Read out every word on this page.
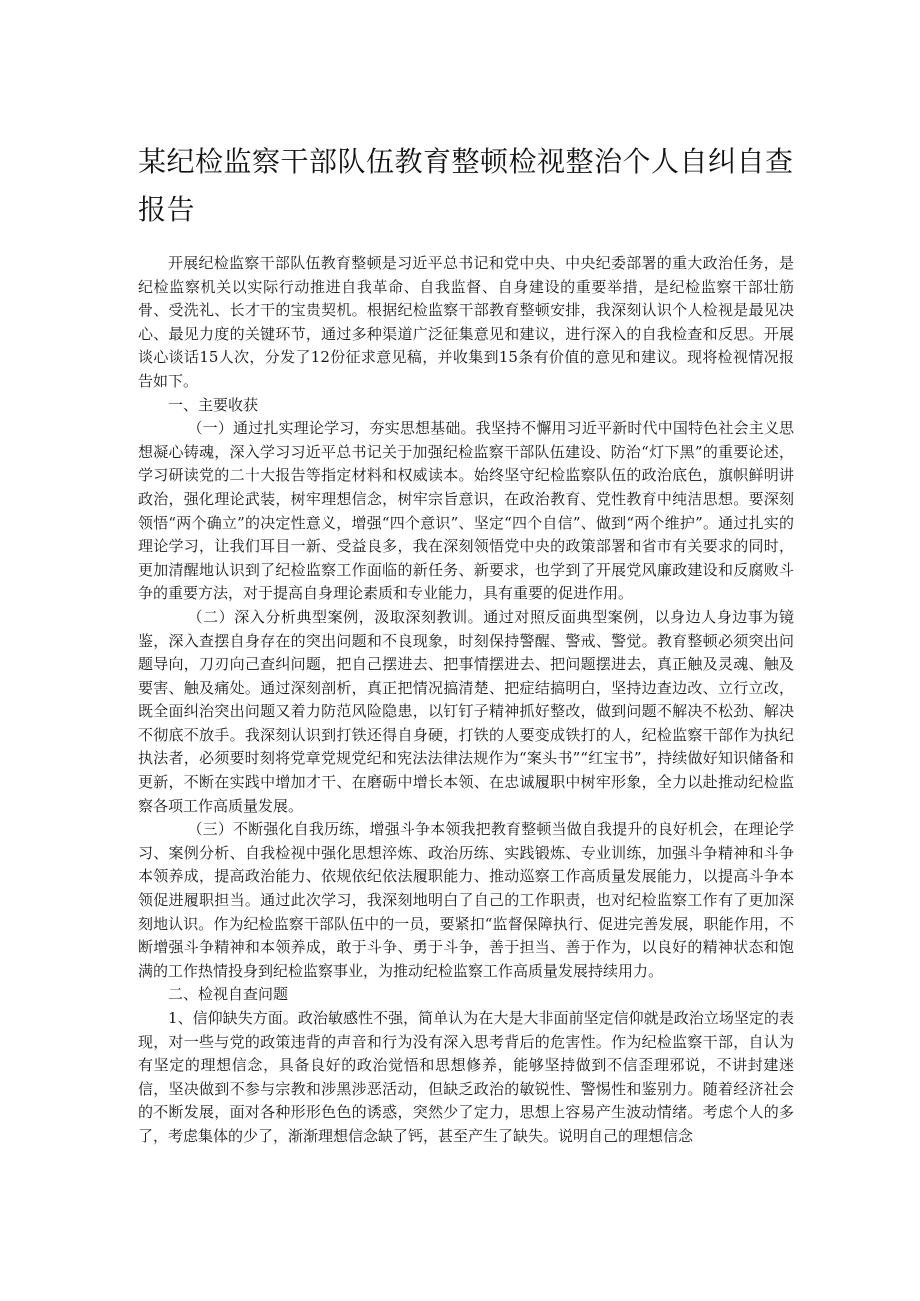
某纪检监察干部队伍教育整顿检视整治个人自纠自查报告

开展纪检监察干部队伍教育整顿是习近平总书记和党中央、中央纪委部署的重大政治任务，是纪检监察机关以实际行动推进自我革命、自我监督、自身建设的重要举措，是纪检监察干部壮筋骨、受洗礼、长才干的宝贵契机。根据纪检监察干部教育整顿安排，我深刻认识个人检视是最见决心、最见力度的关键环节，通过多种渠道广泛征集意见和建议，进行深入的自我检查和反思。开展谈心谈话15人次，分发了12份征求意见稿，并收集到15条有价值的意见和建议。现将检视情况报告如下。

一、主要收获

（一）通过扎实理论学习，夯实思想基础。我坚持不懈用习近平新时代中国特色社会主义思想凝心铸魂，深入学习习近平总书记关于加强纪检监察干部队伍建设、防治“灯下黑”的重要论述，学习研读党的二十大报告等指定材料和权威读本。始终坚守纪检监察队伍的政治底色，旗帜鲜明讲政治，强化理论武装，树牢理想信念，树牢宗旨意识，在政治教育、党性教育中纯洁思想。要深刻领悟“两个确立”的决定性意义，增强“四个意识”、坚定“四个自信”、做到“两个维护”。通过扎实的理论学习，让我们耳目一新、受益良多，我在深刻领悟党中央的政策部署和省市有关要求的同时，更加清醒地认识到了纪检监察工作面临的新任务、新要求，也学到了开展党风廉政建设和反腐败斗争的重要方法，对于提高自身理论素质和专业能力，具有重要的促进作用。

（二）深入分析典型案例，汲取深刻教训。通过对照反面典型案例，以身边人身边事为镜鉴，深入查摆自身存在的突出问题和不良现象，时刻保持警醒、警戒、警觉。教育整顿必须突出问题导向，刀刃向己查纠问题，把自己摆进去、把事情摆进去、把问题摆进去，真正触及灵魂、触及要害、触及痛处。通过深刻剖析，真正把情况搞清楚、把症结搞明白，坚持边查边改、立行立改，既全面纠治突出问题又着力防范风险隐患，以钉钉子精神抓好整改，做到问题不解决不松劲、解决不彻底不放手。我深刻认识到打铁还得自身硬，打铁的人要变成铁打的人，纪检监察干部作为执纪执法者，必须要时刻将党章党规党纪和宪法法律法规作为“案头书”“红宝书”，持续做好知识储备和更新，不断在实践中增加才干、在磨砺中增长本领、在忠诚履职中树牢形象，全力以赴推动纪检监察各项工作高质量发展。

（三）不断强化自我历练，增强斗争本领我把教育整顿当做自我提升的良好机会，在理论学习、案例分析、自我检视中强化思想淬炼、政治历练、实践锻炼、专业训练，加强斗争精神和斗争本领养成，提高政治能力、依规依纪依法履职能力、推动巡察工作高质量发展能力，以提高斗争本领促进履职担当。通过此次学习，我深刻地明白了自己的工作职责，也对纪检监察工作有了更加深刻地认识。作为纪检监察干部队伍中的一员，要紧扣“监督保障执行、促进完善发展，职能作用，不断增强斗争精神和本领养成，敢于斗争、勇于斗争，善于担当、善于作为，以良好的精神状态和饱满的工作热情投身到纪检监察事业，为推动纪检监察工作高质量发展持续用力。

二、检视自查问题

1、信仰缺失方面。政治敏感性不强，简单认为在大是大非面前坚定信仰就是政治立场坚定的表现，对一些与党的政策违背的声音和行为没有深入思考背后的危害性。作为纪检监察干部，自认为有坚定的理想信念，具备良好的政治觉悟和思想修养，能够坚持做到不信歪理邪说，不讲封建迷信，坚决做到不参与宗教和涉黑涉恶活动，但缺乏政治的敏锐性、警惕性和鉴别力。随着经济社会的不断发展，面对各种形形色色的诱惑，突然少了定力，思想上容易产生波动情绪。考虑个人的多了，考虑集体的少了，渐渐理想信念缺了钙，甚至产生了缺失。说明自己的理想信念
